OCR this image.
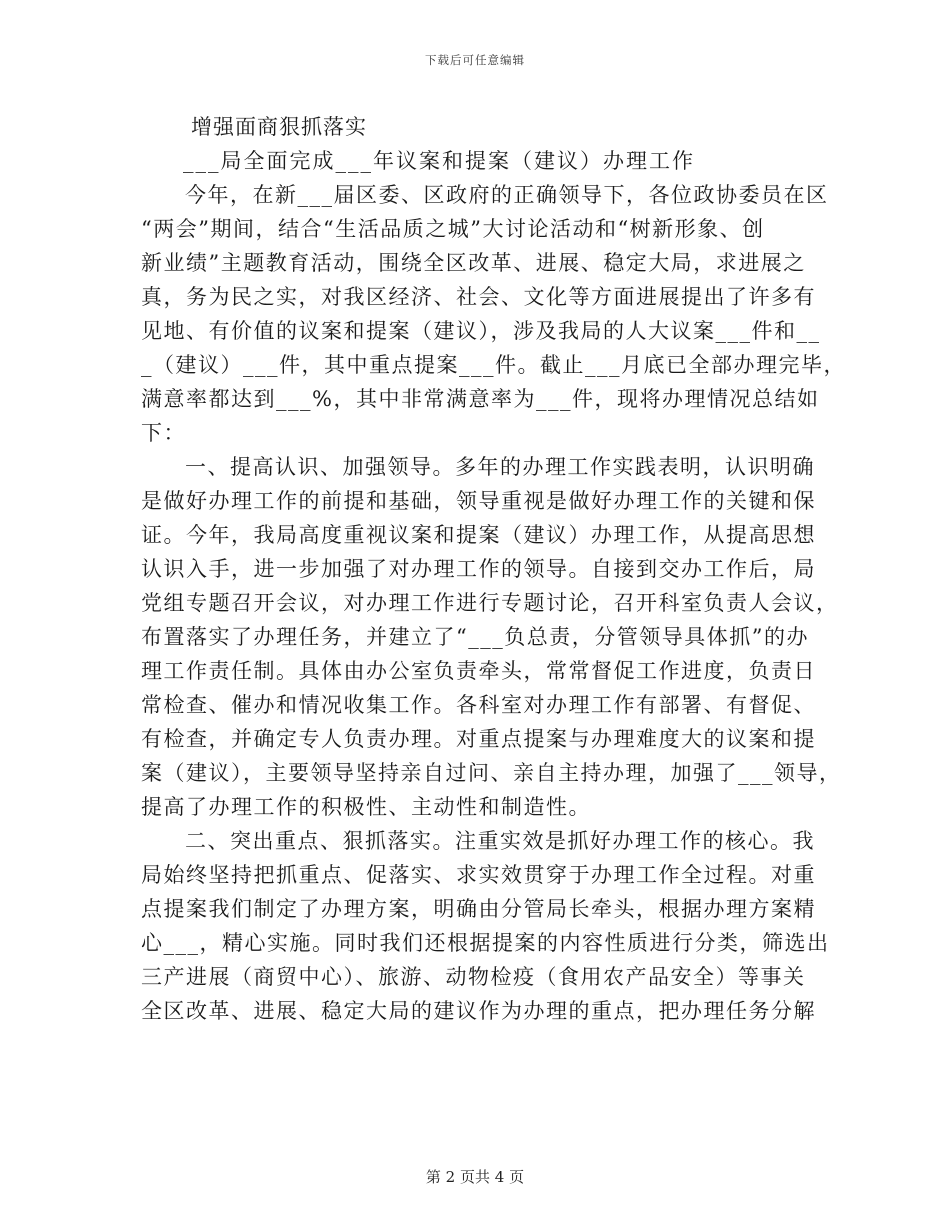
下载后可任意编辑
增强面商狠抓落实
___局全面完成___年议案和提案（建议）办理工作
今年，在新___届区委、区政府的正确领导下，各位政协委员在区
“两会”期间，结合“生活品质之城”大讨论活动和“树新形象、创
新业绩”主题教育活动，围绕全区改革、进展、稳定大局，求进展之
真，务为民之实，对我区经济、社会、文化等方面进展提出了许多有
见地、有价值的议案和提案（建议），涉及我局的人大议案___件和__
_（建议）___件，其中重点提案___件。截止___月底已全部办理完毕，
满意率都达到___%，其中非常满意率为___件，现将办理情况总结如
下：
一、提高认识、加强领导。多年的办理工作实践表明，认识明确
是做好办理工作的前提和基础，领导重视是做好办理工作的关键和保
证。今年，我局高度重视议案和提案（建议）办理工作，从提高思想
认识入手，进一步加强了对办理工作的领导。自接到交办工作后，局
党组专题召开会议，对办理工作进行专题讨论，召开科室负责人会议，
布置落实了办理任务，并建立了“___负总责，分管领导具体抓”的办
理工作责任制。具体由办公室负责牵头，常常督促工作进度，负责日
常检查、催办和情况收集工作。各科室对办理工作有部署、有督促、
有检查，并确定专人负责办理。对重点提案与办理难度大的议案和提
案（建议），主要领导坚持亲自过问、亲自主持办理，加强了___领导，
提高了办理工作的积极性、主动性和制造性。
二、突出重点、狠抓落实。注重实效是抓好办理工作的核心。我
局始终坚持把抓重点、促落实、求实效贯穿于办理工作全过程。对重
点提案我们制定了办理方案，明确由分管局长牵头，根据办理方案精
心___，精心实施。同时我们还根据提案的内容性质进行分类，筛选出
三产进展（商贸中心）、旅游、动物检疫（食用农产品安全）等事关
全区改革、进展、稳定大局的建议作为办理的重点，把办理任务分解
第 2 页共 4 页
